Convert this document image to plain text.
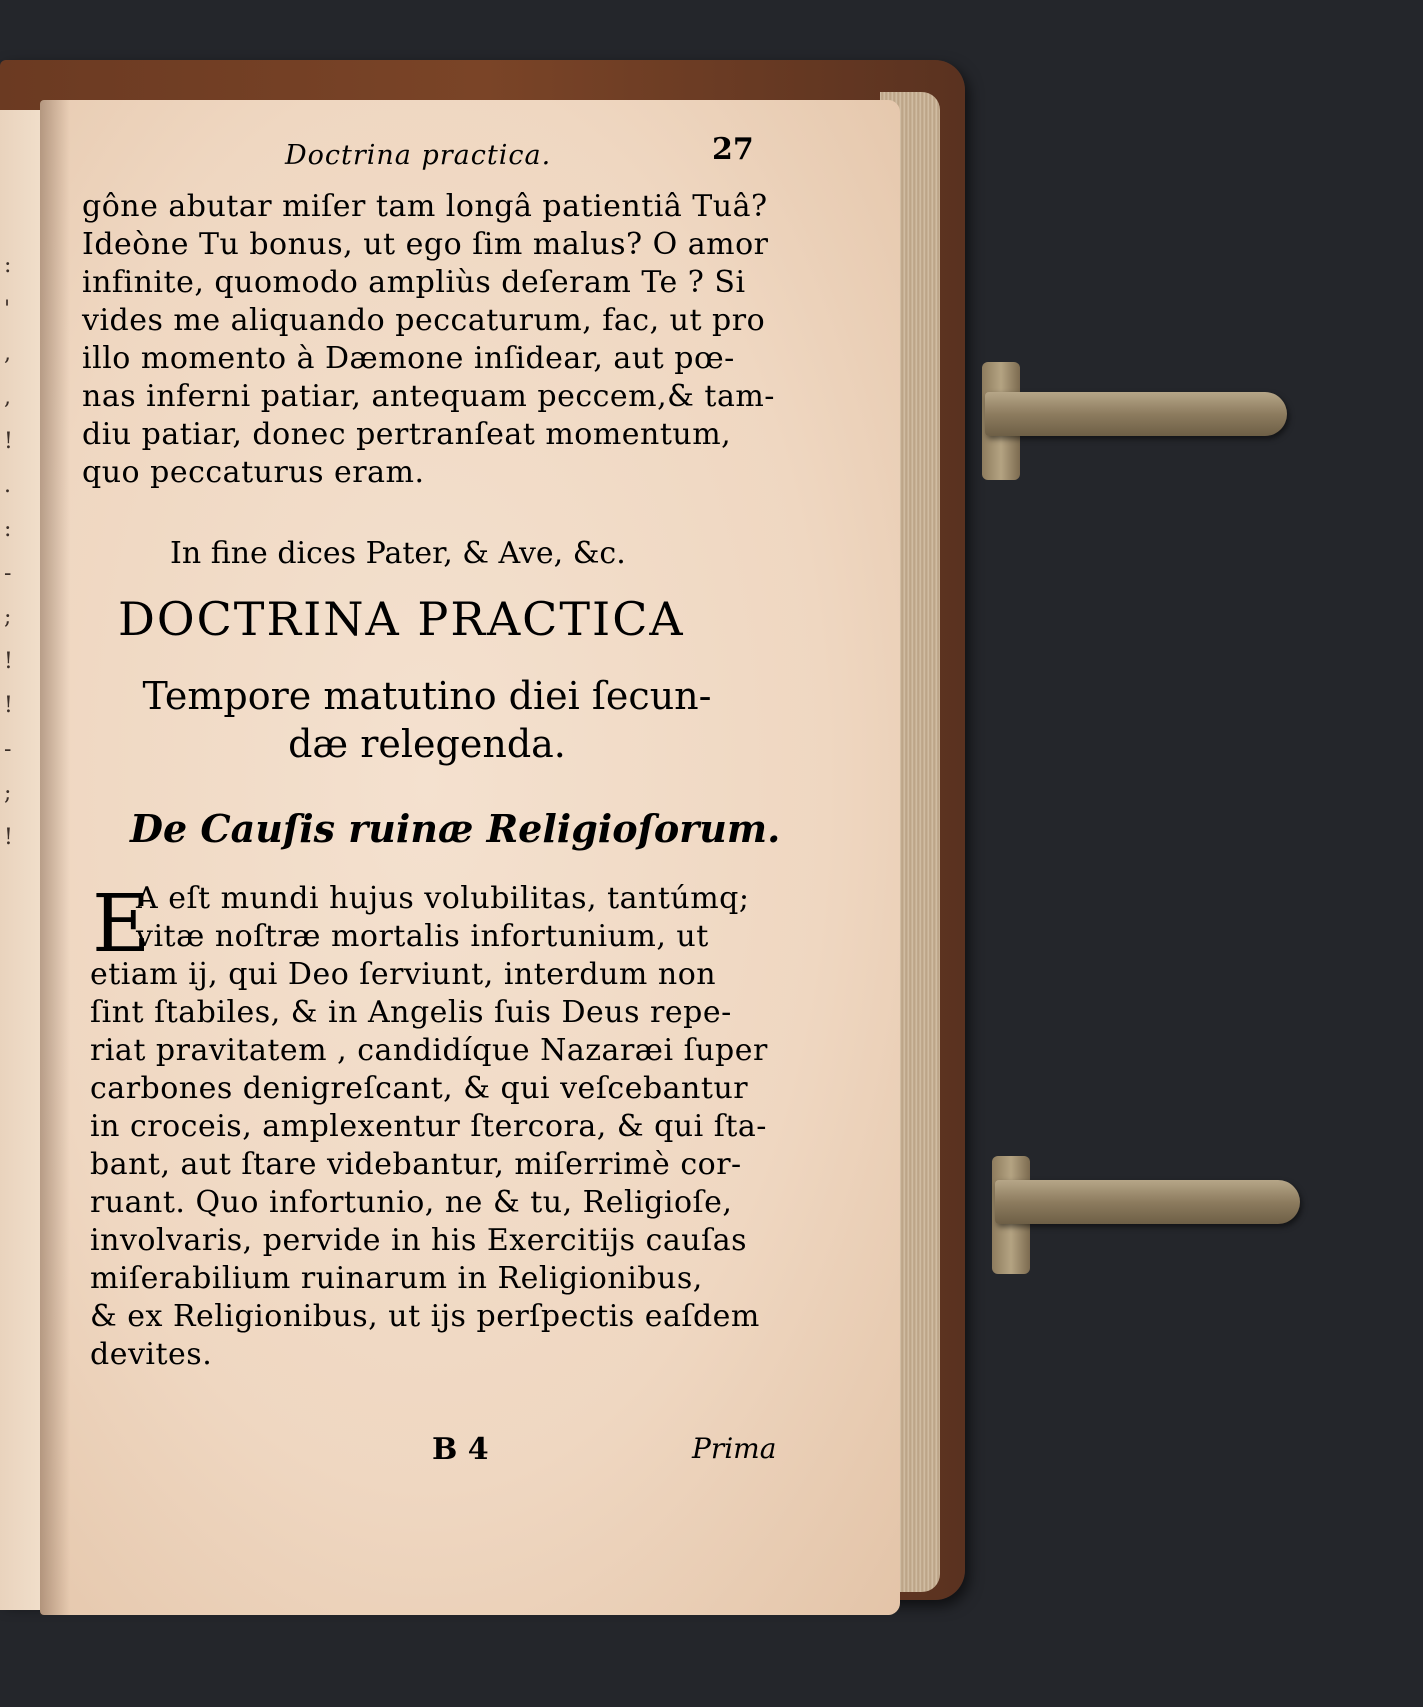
:
'
,
,
!
.
:
-
;
!
!
-
;
!

Doctrina practica.	27
gône abutar miſer tam longâ patientiâ Tuâ?
Ideòne Tu bonus, ut ego ſim malus? O amor
infinite, quomodo ampliùs deſeram Te ? Si
vides me aliquando peccaturum, fac, ut pro
illo momento à Dæmone inſidear, aut pœ-
nas inferni patiar, antequam peccem,& tam-
diu patiar, donec pertranſeat momentum,
quo peccaturus eram.
In fine dices Pater, & Ave, &c.
DOCTRINA PRACTICA
Tempore matutino diei ſecun-
dæ relegenda.
De Cauſis ruinæ Religioſorum.
E
A eſt mundi hujus volubilitas, tantúmq;
vitæ noſtræ mortalis infortunium, ut
etiam ij, qui Deo ſerviunt, interdum non
ſint ſtabiles, & in Angelis ſuis Deus repe-
riat pravitatem , candidíque Nazaræi ſuper
carbones denigreſcant, & qui veſcebantur
in croceis, amplexentur ſtercora, & qui ſta-
bant, aut ſtare videbantur, miſerrimè cor-
ruant. Quo infortunio, ne & tu, Religioſe,
involvaris, pervide in his Exercitijs cauſas
miſerabilium ruinarum in Religionibus,
& ex Religionibus, ut ijs perſpectis eaſdem
devites.
B 4	Prima
